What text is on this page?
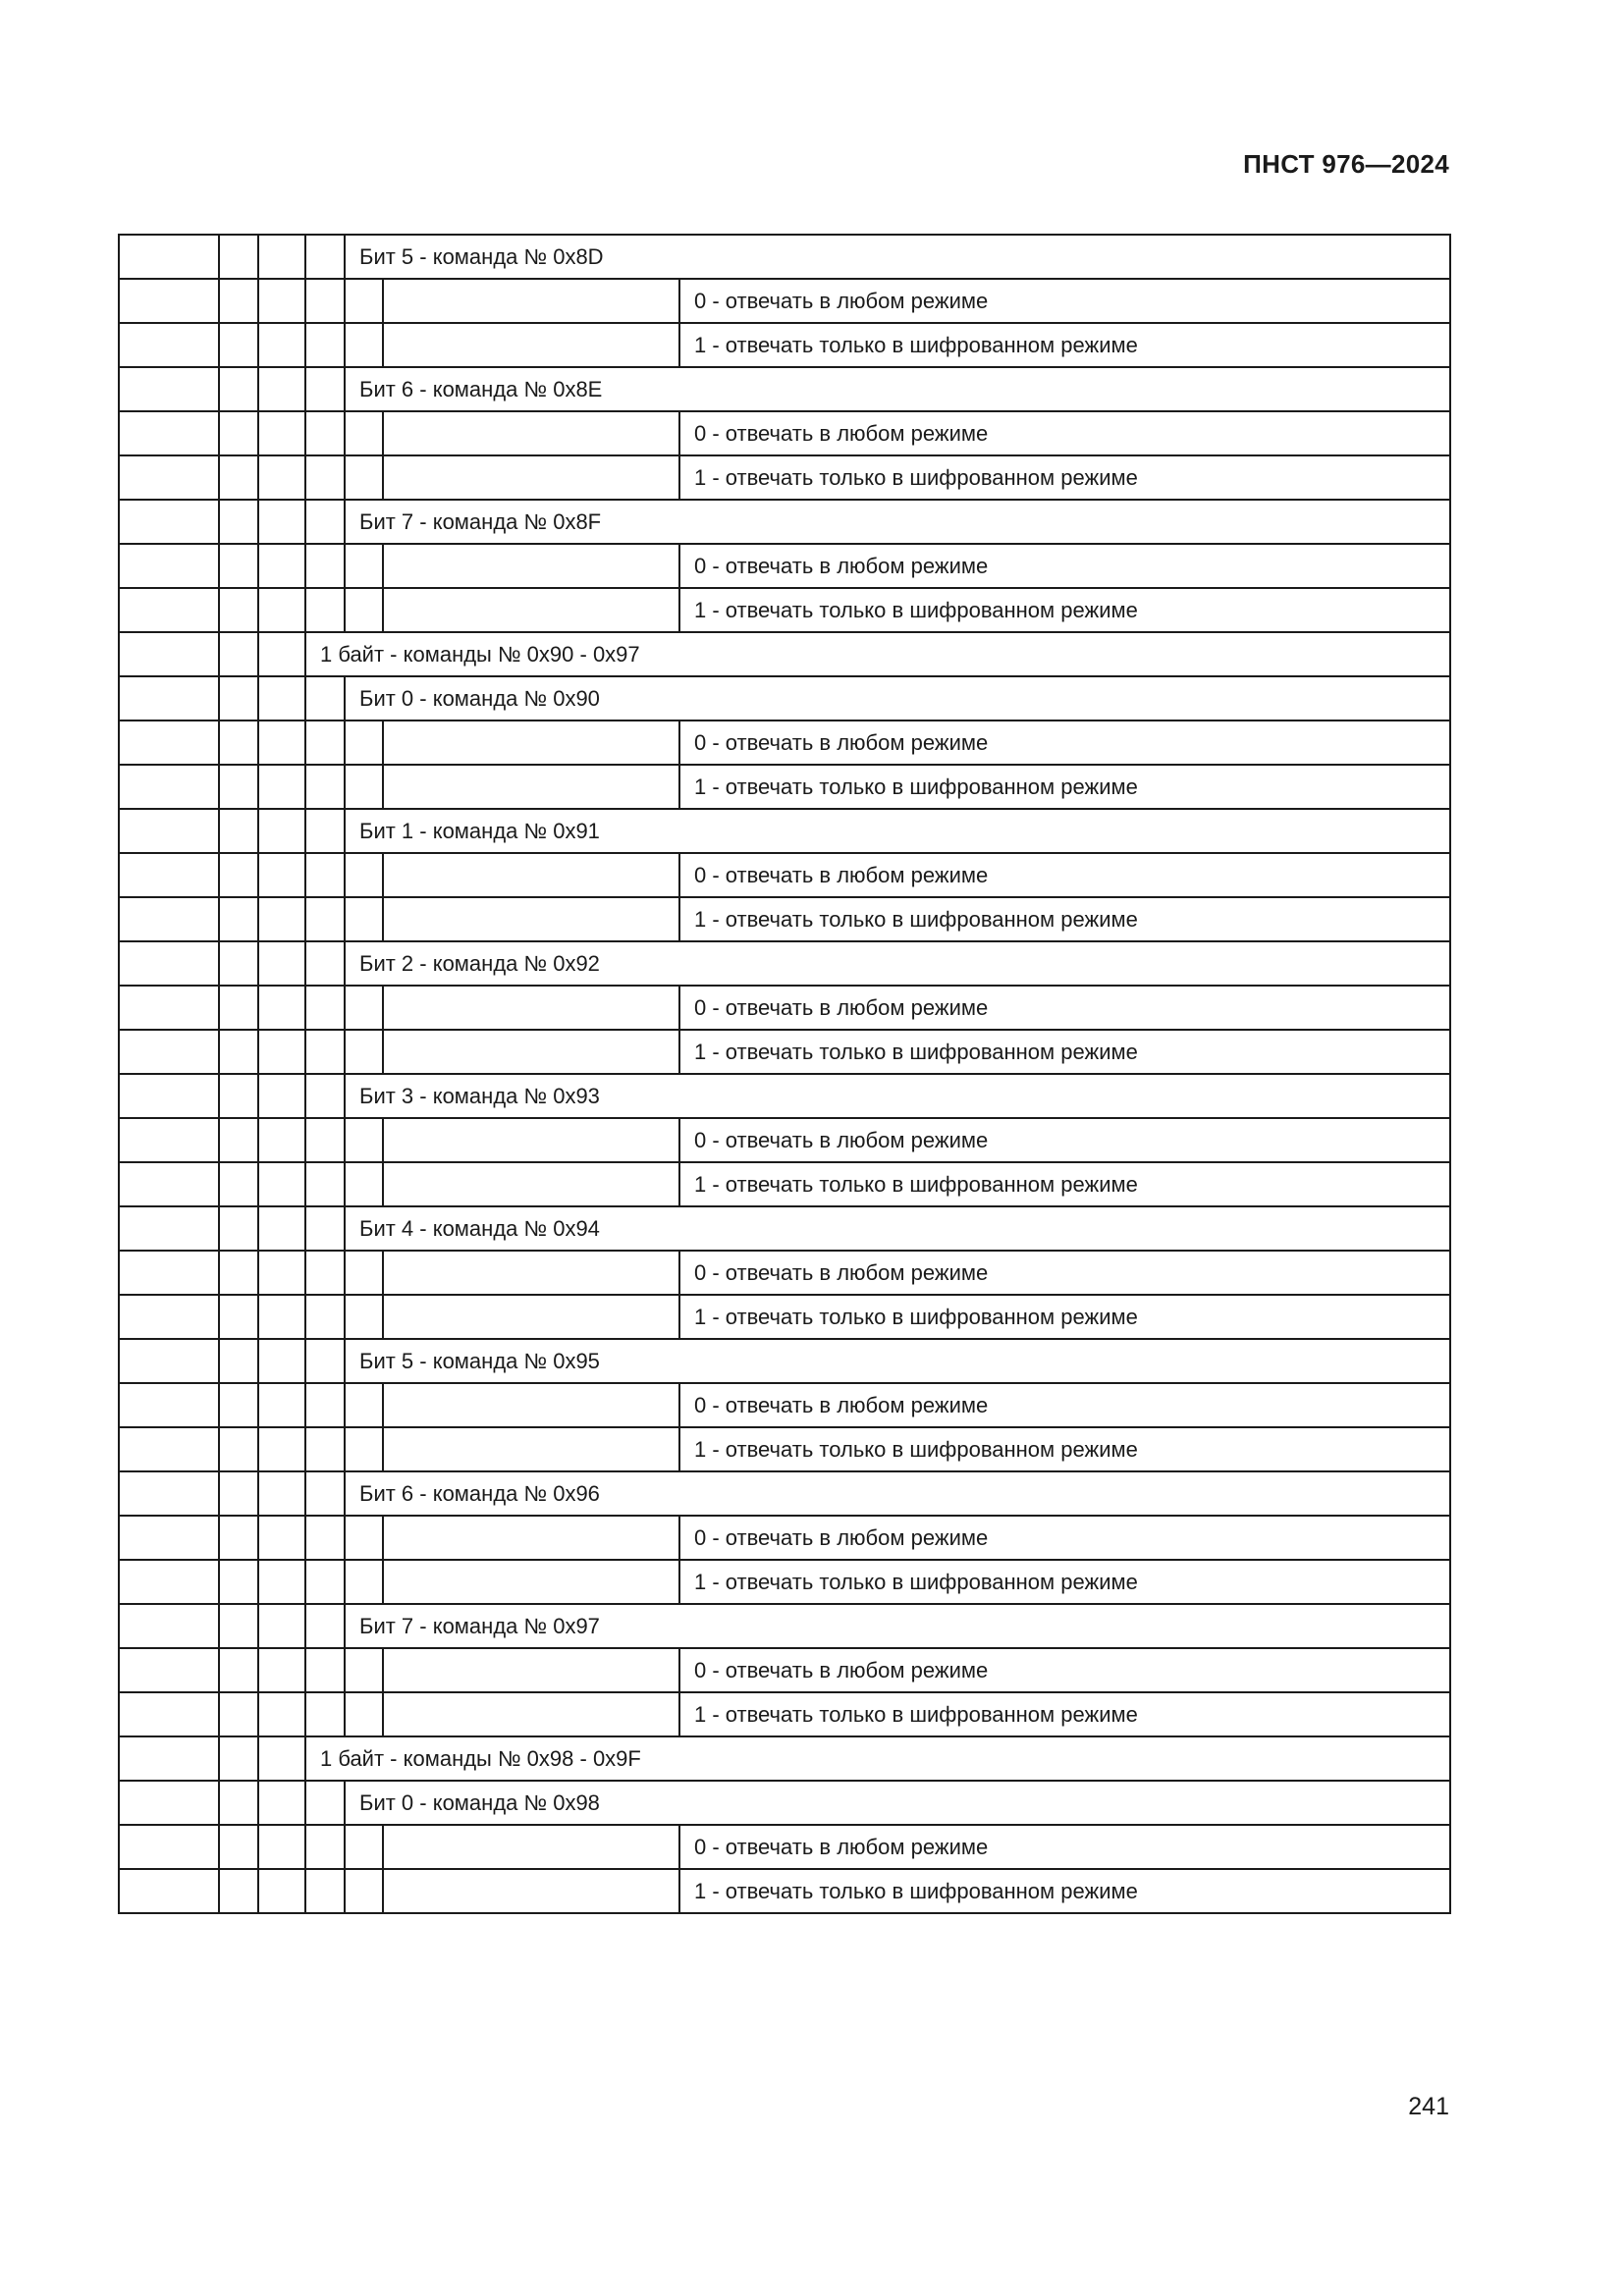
ПНСТ 976—2024
				Бит 5 - команда № 0x8D		
						0 - отвечать в любом режиме
						1 - отвечать только в шифрованном режиме
				Бит 6 - команда № 0x8E		
						0 - отвечать в любом режиме
						1 - отвечать только в шифрованном режиме
				Бит 7 - команда № 0x8F		
						0 - отвечать в любом режиме
						1 - отвечать только в шифрованном режиме
			1 байт - команды № 0x90 - 0x97			
				Бит 0 - команда № 0x90		
						0 - отвечать в любом режиме
						1 - отвечать только в шифрованном режиме
				Бит 1 - команда № 0x91		
						0 - отвечать в любом режиме
						1 - отвечать только в шифрованном режиме
				Бит 2 - команда № 0x92		
						0 - отвечать в любом режиме
						1 - отвечать только в шифрованном режиме
				Бит 3 - команда № 0x93		
						0 - отвечать в любом режиме
						1 - отвечать только в шифрованном режиме
				Бит 4 - команда № 0x94		
						0 - отвечать в любом режиме
						1 - отвечать только в шифрованном режиме
				Бит 5 - команда № 0x95		
						0 - отвечать в любом режиме
						1 - отвечать только в шифрованном режиме
				Бит 6 - команда № 0x96		
						0 - отвечать в любом режиме
						1 - отвечать только в шифрованном режиме
				Бит 7 - команда № 0x97		
						0 - отвечать в любом режиме
						1 - отвечать только в шифрованном режиме
			1 байт - команды № 0x98 - 0x9F			
				Бит 0 - команда № 0x98		
						0 - отвечать в любом режиме
						1 - отвечать только в шифрованном режиме
241
